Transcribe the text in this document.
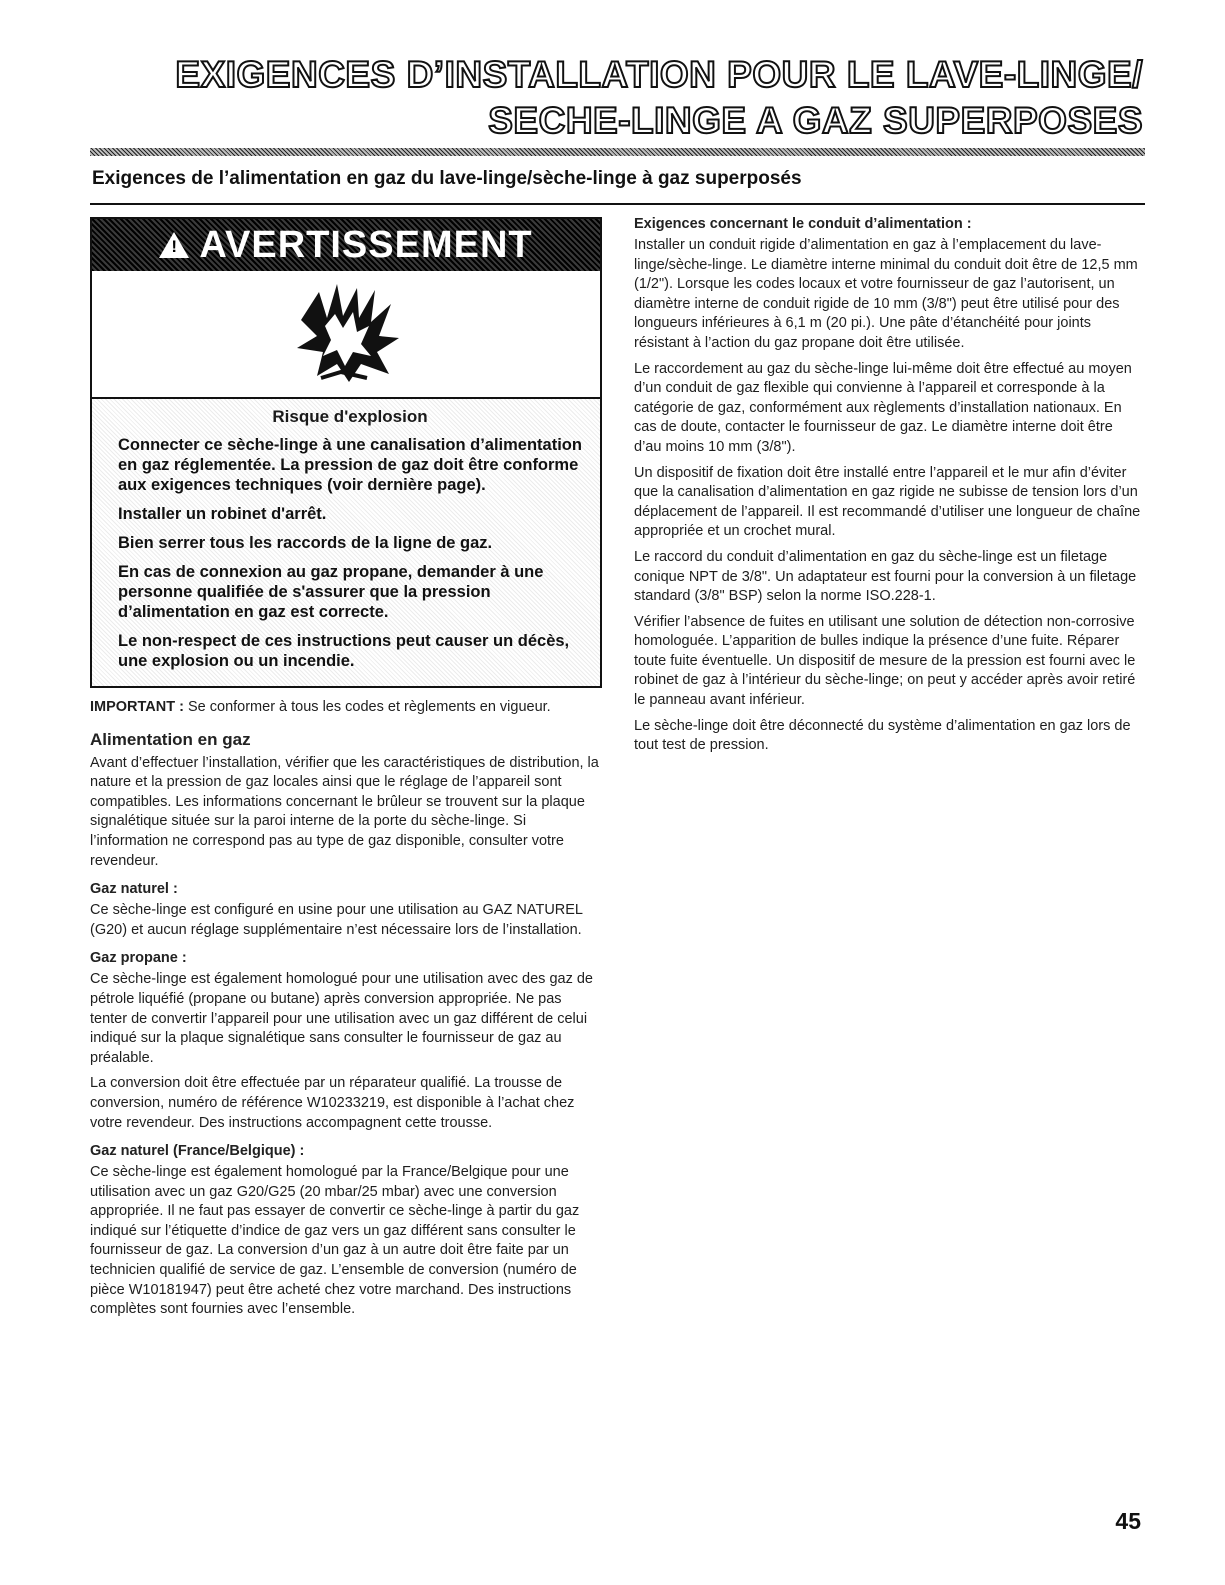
EXIGENCES D’INSTALLATION POUR LE LAVE-LINGE/
SECHE-LINGE A GAZ SUPERPOSES
Exigences de l’alimentation en gaz du lave-linge/sèche-linge à gaz superposés
!
AVERTISSEMENT

Risque d'explosion

Connecter ce sèche-linge à une canalisation d’alimentation en gaz réglementée. La pression de gaz doit être conforme aux exigences techniques (voir dernière page).

Installer un robinet d'arrêt.

Bien serrer tous les raccords de la ligne de gaz.

En cas de connexion au gaz propane, demander à une personne qualifiée de s'assurer que la pression d’alimentation en gaz est correcte.

Le non-respect de ces instructions peut causer un décès, une explosion ou un incendie.

IMPORTANT : Se conformer à tous les codes et règlements en vigueur.

Alimentation en gaz

Avant d’effectuer l’installation, vérifier que les caractéristiques de distribution, la nature et la pression de gaz locales ainsi que le réglage de l’appareil sont compatibles. Les informations concernant le brûleur se trouvent sur la plaque signalétique située sur la paroi interne de la porte du sèche-linge. Si l’information ne correspond pas au type de gaz disponible, consulter votre revendeur.

Gaz naturel :

Ce sèche-linge est configuré en usine pour une utilisation au GAZ NATUREL (G20) et aucun réglage supplémentaire n’est nécessaire lors de l’installation.

Gaz propane :

Ce sèche-linge est également homologué pour une utilisation avec des gaz de pétrole liquéfié (propane ou butane) après conversion appropriée. Ne pas tenter de convertir l’appareil pour une utilisation avec un gaz différent de celui indiqué sur la plaque signalétique sans consulter le fournisseur de gaz au préalable.

La conversion doit être effectuée par un réparateur qualifié. La trousse de conversion, numéro de référence W10233219, est disponible à l’achat chez votre revendeur. Des instructions accompagnent cette trousse.

Gaz naturel (France/Belgique) :

Ce sèche-linge est également homologué par la France/Belgique pour une utilisation avec un gaz G20/G25 (20 mbar/25 mbar) avec une conversion appropriée. Il ne faut pas essayer de convertir ce sèche-linge à partir du gaz indiqué sur l’étiquette d’indice de gaz vers un gaz différent sans consulter le fournisseur de gaz. La conversion d’un gaz à un autre doit être faite par un technicien qualifié de service de gaz. L’ensemble de conversion (numéro de pièce W10181947) peut être acheté chez votre marchand. Des instructions complètes sont fournies avec l’ensemble.

Exigences concernant le conduit d’alimentation :

Installer un conduit rigide d’alimentation en gaz à l’emplacement du lave-linge/sèche-linge. Le diamètre interne minimal du conduit doit être de 12,5 mm (1/2"). Lorsque les codes locaux et votre fournisseur de gaz l’autorisent, un diamètre interne de conduit rigide de 10 mm (3/8") peut être utilisé pour des longueurs inférieures à 6,1 m (20 pi.). Une pâte d’étanchéité pour joints résistant à l’action du gaz propane doit être utilisée.

Le raccordement au gaz du sèche-linge lui-même doit être effectué au moyen d’un conduit de gaz flexible qui convienne à l’appareil et corresponde à la catégorie de gaz, conformément aux règlements d’installation nationaux. En cas de doute, contacter le fournisseur de gaz. Le diamètre interne doit être d’au moins 10 mm (3/8").

Un dispositif de fixation doit être installé entre l’appareil et le mur afin d’éviter que la canalisation d’alimentation en gaz rigide ne subisse de tension lors d’un déplacement de l’appareil. Il est recommandé d’utiliser une longueur de chaîne appropriée et un crochet mural.

Le raccord du conduit d’alimentation en gaz du sèche-linge est un filetage conique NPT de 3/8". Un adaptateur est fourni pour la conversion à un filetage standard (3/8" BSP) selon la norme ISO.228-1.

Vérifier l’absence de fuites en utilisant une solution de détection non-corrosive homologuée. L’apparition de bulles indique la présence d’une fuite. Réparer toute fuite éventuelle. Un dispositif de mesure de la pression est fourni avec le robinet de gaz à l’intérieur du sèche-linge; on peut y accéder après avoir retiré le panneau avant inférieur.

Le sèche-linge doit être déconnecté du système d’alimentation en gaz lors de tout test de pression.

45
